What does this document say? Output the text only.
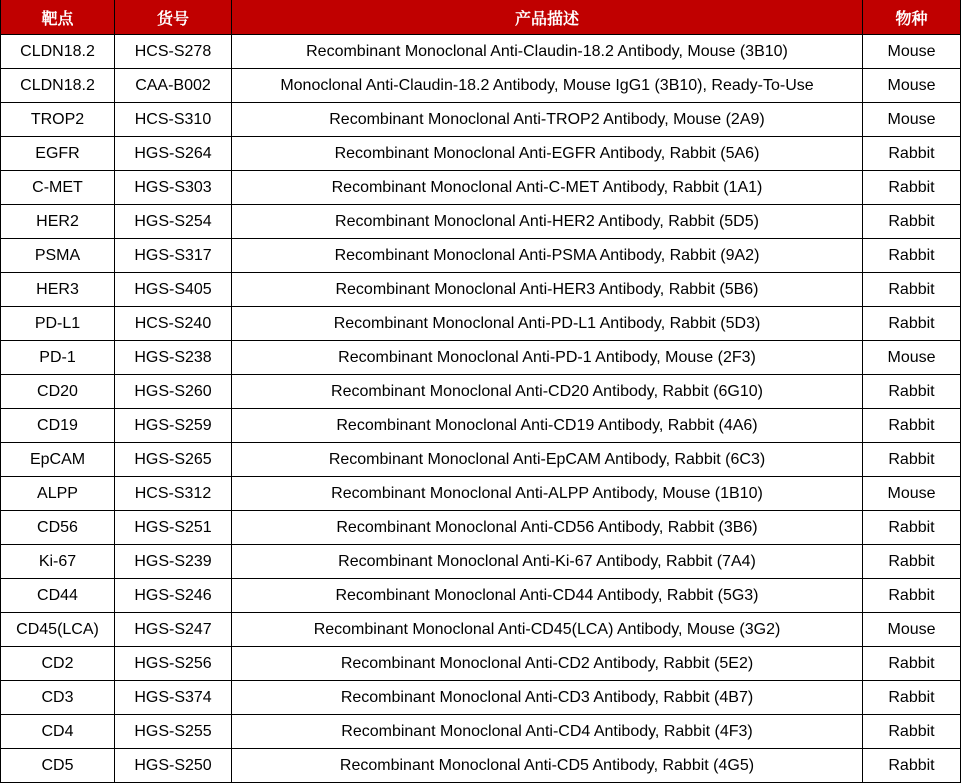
靶点	货号	产品描述	物种
CLDN18.2	HCS-S278	Recombinant Monoclonal Anti-Claudin-18.2 Antibody, Mouse (3B10)	Mouse
CLDN18.2	CAA-B002	Monoclonal Anti-Claudin-18.2 Antibody, Mouse IgG1 (3B10), Ready-To-Use	Mouse
TROP2	HCS-S310	Recombinant Monoclonal Anti-TROP2 Antibody, Mouse (2A9)	Mouse
EGFR	HGS-S264	Recombinant Monoclonal Anti-EGFR Antibody, Rabbit (5A6)	Rabbit
C-MET	HGS-S303	Recombinant Monoclonal Anti-C-MET Antibody, Rabbit (1A1)	Rabbit
HER2	HGS-S254	Recombinant Monoclonal Anti-HER2 Antibody, Rabbit (5D5)	Rabbit
PSMA	HGS-S317	Recombinant Monoclonal Anti-PSMA Antibody, Rabbit (9A2)	Rabbit
HER3	HGS-S405	Recombinant Monoclonal Anti-HER3 Antibody, Rabbit (5B6)	Rabbit
PD-L1	HCS-S240	Recombinant Monoclonal Anti-PD-L1 Antibody, Rabbit (5D3)	Rabbit
PD-1	HGS-S238	Recombinant Monoclonal Anti-PD-1 Antibody, Mouse (2F3)	Mouse
CD20	HGS-S260	Recombinant Monoclonal Anti-CD20 Antibody, Rabbit (6G10)	Rabbit
CD19	HGS-S259	Recombinant Monoclonal Anti-CD19 Antibody, Rabbit (4A6)	Rabbit
EpCAM	HGS-S265	Recombinant Monoclonal Anti-EpCAM Antibody, Rabbit (6C3)	Rabbit
ALPP	HCS-S312	Recombinant Monoclonal Anti-ALPP Antibody, Mouse (1B10)	Mouse
CD56	HGS-S251	Recombinant Monoclonal Anti-CD56 Antibody, Rabbit (3B6)	Rabbit
Ki-67	HGS-S239	Recombinant Monoclonal Anti-Ki-67 Antibody, Rabbit (7A4)	Rabbit
CD44	HGS-S246	Recombinant Monoclonal Anti-CD44 Antibody, Rabbit (5G3)	Rabbit
CD45(LCA)	HGS-S247	Recombinant Monoclonal Anti-CD45(LCA) Antibody, Mouse (3G2)	Mouse
CD2	HGS-S256	Recombinant Monoclonal Anti-CD2 Antibody, Rabbit (5E2)	Rabbit
CD3	HGS-S374	Recombinant Monoclonal Anti-CD3 Antibody, Rabbit (4B7)	Rabbit
CD4	HGS-S255	Recombinant Monoclonal Anti-CD4 Antibody, Rabbit (4F3)	Rabbit
CD5	HGS-S250	Recombinant Monoclonal Anti-CD5 Antibody, Rabbit (4G5)	Rabbit
